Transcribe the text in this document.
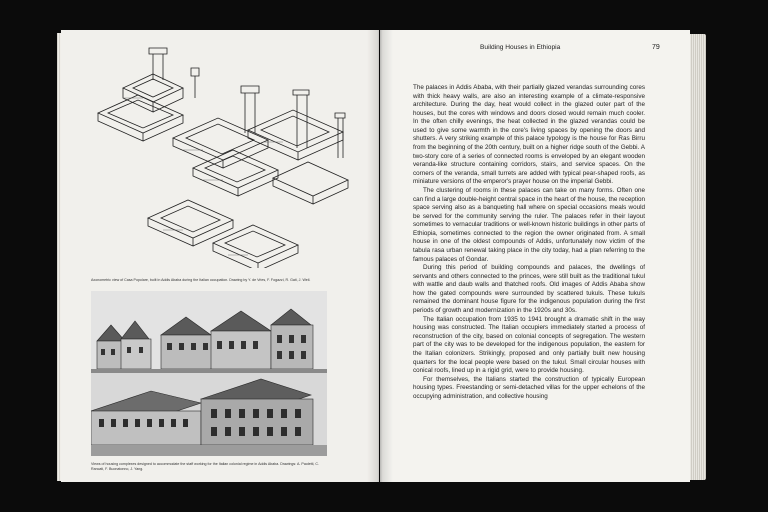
Axonometric view of Casa Popolare, built in Addis Ababa during the Italian occupation. Drawing by Y. de Vries, F. Fogazzi, R. Gati, J. Weil.
Views of housing complexes designed to accommodate the staff working for the Italian colonial regime in Addis Ababa. Drawings: A. Paoletti, C. Rancati, F. Buonatonno, J. Yang.
Building Houses in Ethiopia	79

The palaces in Addis Ababa, with their partially glazed verandas surrounding cores with thick heavy walls, are also an interesting example of a climate-responsive architecture. During the day, heat would collect in the glazed outer part of the houses, but the cores with windows and doors closed would remain much cooler. In the often chilly evenings, the heat collected in the glazed verandas could be used to give some warmth in the core's living spaces by opening the doors and shutters. A very striking example of this palace typology is the house for Ras Birru from the beginning of the 20th century, built on a higher ridge south of the Gebbi. A two-story core of a series of connected rooms is enveloped by an elegant wooden veranda-like structure containing corridors, stairs, and service spaces. On the corners of the veranda, small turrets are added with typical pear-shaped roofs, as miniature versions of the emperor's prayer house on the imperial Gebbi.

The clustering of rooms in these palaces can take on many forms. Often one can find a large double-height central space in the heart of the house, the reception space serving also as a banqueting hall where on special occasions meals would be served for the community serving the ruler. The palaces refer in their layout sometimes to vernacular traditions or well-known historic buildings in other parts of Ethiopia, sometimes connected to the region the owner originated from. A small house in one of the oldest compounds of Addis, unfortunately now victim of the tabula rasa urban renewal taking place in the city today, had a plan referring to the famous palaces of Gondar.

During this period of building compounds and palaces, the dwellings of servants and others connected to the princes, were still built as the traditional tukul with wattle and daub walls and thatched roofs. Old images of Addis Ababa show how the gated compounds were surrounded by scattered tukuls. These tukuls remained the dominant house figure for the indigenous population during the first periods of growth and modernization in the 1920s and 30s.

The Italian occupation from 1935 to 1941 brought a dramatic shift in the way housing was constructed. The Italian occupiers immediately started a process of reconstruction of the city, based on colonial concepts of segregation. The western part of the city was to be developed for the indigenous population, the eastern for the Italian colonizers. Strikingly, proposed and only partially built new housing quarters for the local people were based on the tukul. Small circular houses with conical roofs, lined up in a rigid grid, were to provide housing.

For themselves, the Italians started the construction of typically European housing types. Freestanding or semi-detached villas for the upper echelons of the occupying administration, and collective housing
